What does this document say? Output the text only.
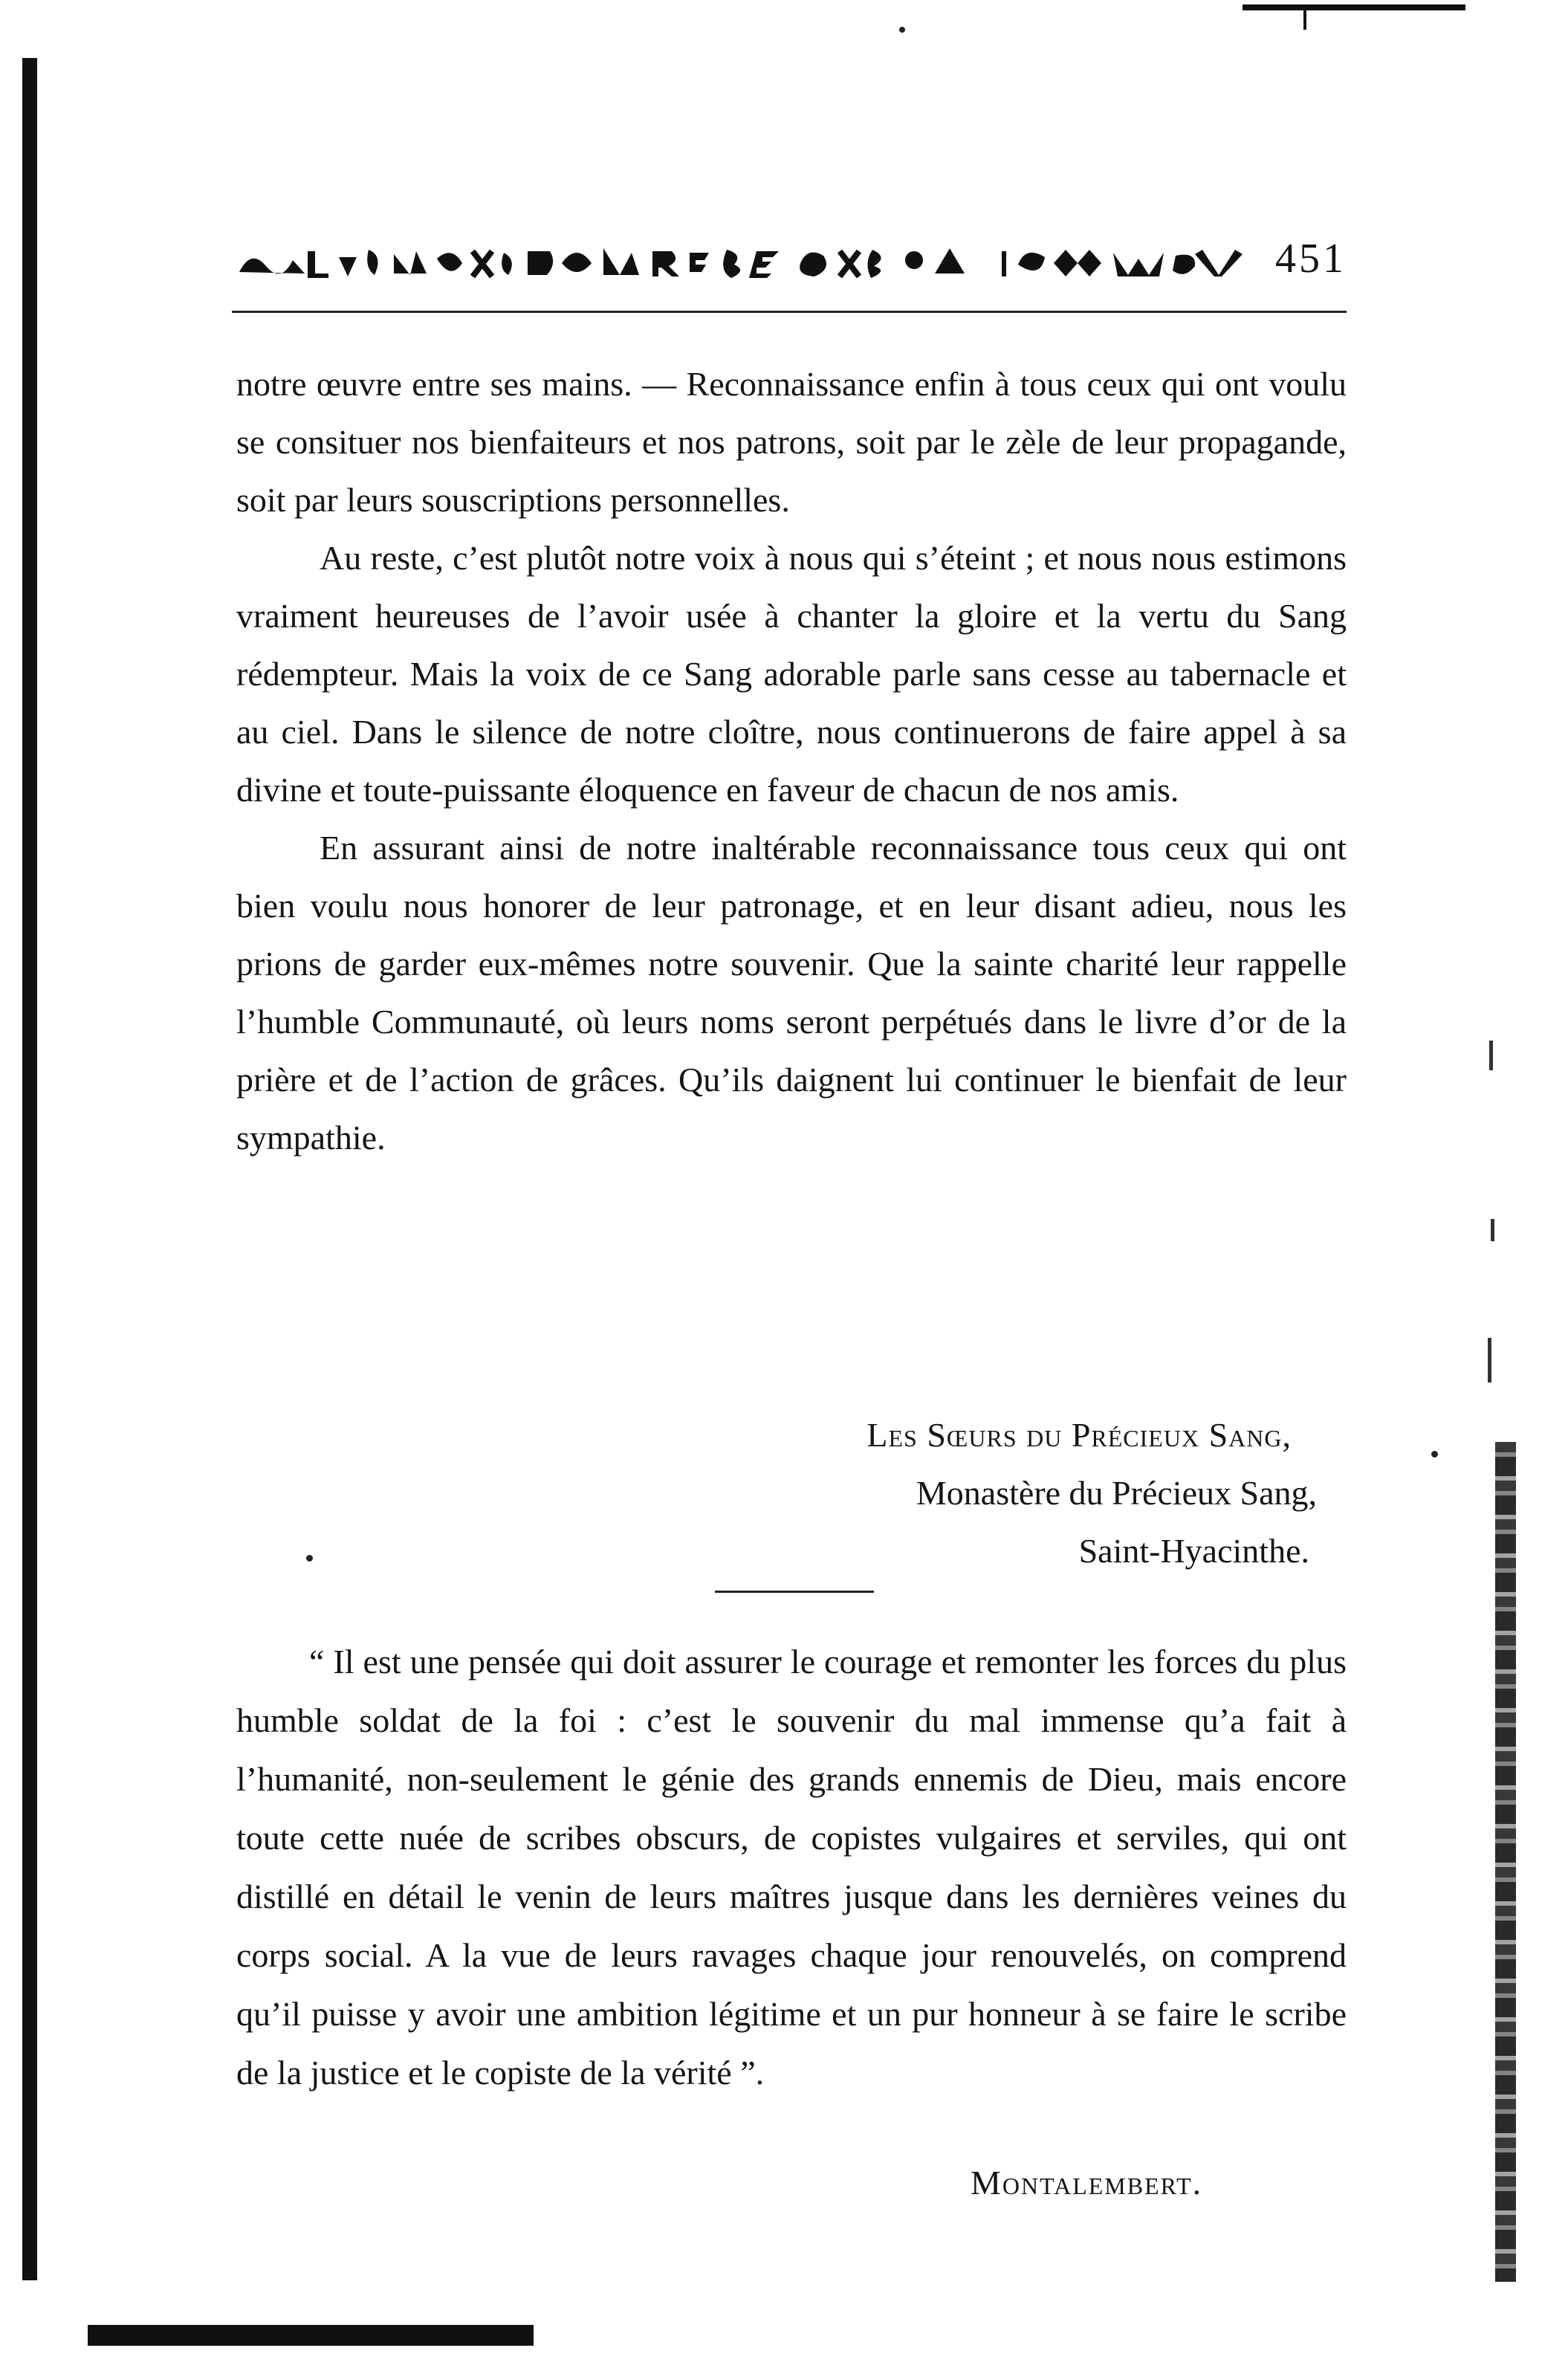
451

notre œuvre entre ses mains. — Reconnaissance enfin à tous ceux qui ont voulu se consituer nos bienfaiteurs et nos patrons, soit par le zèle de leur propagande, soit par leurs souscriptions personnelles.

Au reste, c’est plutôt notre voix à nous qui s’éteint ; et nous nous estimons vraiment heureuses de l’avoir usée à chanter la gloire et la vertu du Sang rédempteur. Mais la voix de ce Sang adorable parle sans cesse au tabernacle et au ciel. Dans le silence de notre cloître, nous continuerons de faire appel à sa divine et toute-puissante éloquence en faveur de chacun de nos amis.

En assurant ainsi de notre inaltérable reconnaissance tous ceux qui ont bien voulu nous honorer de leur patronage, et en leur disant adieu, nous les prions de garder eux-mêmes notre souvenir. Que la sainte charité leur rappelle l’humble Communauté, où leurs noms seront perpétués dans le livre d’or de la prière et de l’action de grâces. Qu’ils daignent lui continuer le bienfait de leur sympathie.

Les Sœurs du Précieux Sang,
Monastère du Précieux Sang,
Saint-Hyacinthe.

“ Il est une pensée qui doit assurer le courage et remonter les forces du plus humble soldat de la foi : c’est le souvenir du mal immense qu’a fait à l’humanité, non-seulement le génie des grands ennemis de Dieu, mais encore toute cette nuée de scribes obscurs, de copistes vulgaires et serviles, qui ont distillé en détail le venin de leurs maîtres jusque dans les dernières veines du corps social. A la vue de leurs ravages chaque jour renouvelés, on comprend qu’il puisse y avoir une ambition légitime et un pur honneur à se faire le scribe de la justice et le copiste de la vérité ”.

Montalembert.
